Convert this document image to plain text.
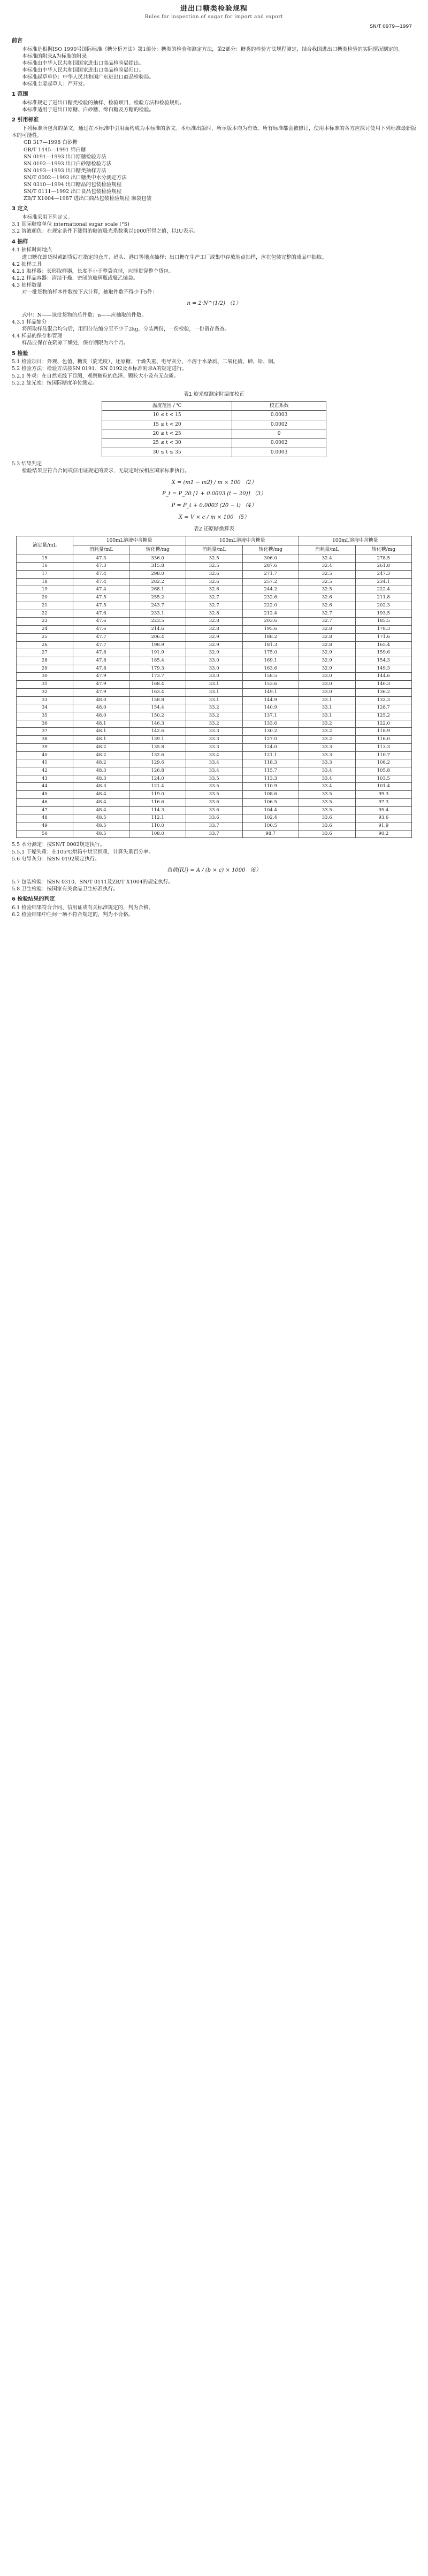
进出口糖类检验规程
Rules for inspection of sugar for import and export
SN/T 0979—1997
前言

本标准是根据ISO 1990号国际标准《糖分析方法》第1部分：糖类的检验和测定方法，第2部分：糖类的检验方法规程测定，结合我国进出口糖类检验的实际情况制定的。

本标准的附录A为标准的附录。

本标准由中华人民共和国国家进出口商品检验局提出。

本标准由中华人民共和国国家进出口商品检验局归口。

本标准起草单位：中华人民共和国广东进出口商品检验局。

本标准主要起草人：严开发。

1 范围

本标准规定了进出口糖类检验的抽样、检验项目、检验方法和检验规则。

本标准适用于进出口原糖、白砂糖、绵白糖及方糖的检验。

2 引用标准

下列标准所包含的条文，通过在本标准中引用而构成为本标准的条文。本标准出版时，所示版本均为有效。所有标准都会被修订，使用本标准的各方应探讨使用下列标准最新版本的可能性。

GB 317—1998 白砂糖

GB/T 1445—1991 绵白糖

SN 0191—1993 出口原糖检验方法

SN 0192—1993 出口白砂糖检验方法

SN 0193—1993 出口糖类抽样方法

SN/T 0002—1993 出口糖类中水分测定方法

SN 0310—1994 出口糖品的包装检验规程

SN/T 0111—1992 出口食品包装检验规程

ZB/T X1004—1987 进出口商品包装检验规程 麻袋包装

3 定义

本标准采用下列定义。

3.1 国际糖度单位 international sugar scale (°S)

3.2 溶液颜色：在规定条件下测得的糖液吸光系数乘以1000所得之值，以IU表示。

4 抽样

4.1 抽样时间地点

进口糖在卸货时或卸货后在指定的仓库、码头、港口等地点抽样；出口糖在生产工厂或集中存放地点抽样，应在包装完整的成品中抽取。

4.2 抽样工具

4.2.1 取样器：长形取样器，长度不小于整袋直径，应能贯穿整个货包。

4.2.2 样品容器：清洁干燥、密闭的玻璃瓶或聚乙烯袋。

4.3 抽样数量

对一批货物的样本件数按下式计算，抽取件数不得少于5件：

n = 2·N^(1/2) （1）

式中：N——该批货物的总件数；n——应抽取的件数。

4.3.1 样品缩分

将所取样品混合均匀后，用四分法缩分至不少于2kg，分装两份，一份检验，一份留存备查。

4.4 样品的保存和管理

样品应保存在阴凉干燥处，保存期限为六个月。

5 检验

5.1 检验项目：外观、色值、糖度（旋光度）、还原糖、干燥失重、电导灰分、不溶于水杂质、二氧化硫、砷、铅、铜。

5.2 检验方法：检验方法按SN 0191、SN 0192及本标准附录A的规定进行。

5.2.1 外观：在自然光线下目测，观察糖粒的色泽、颗粒大小及有无杂质。

5.2.2 旋光度：按国际糖度单位测定。

表1 旋光度测定时温度校正
温度范围 / ℃	校正系数
10 ≤ t < 15	0.0003
15 ≤ t < 20	0.0002
20 ≤ t < 25	0
25 ≤ t < 30	0.0002
30 ≤ t ≤ 35	0.0003

5.3 结果判定

检验结果应符合合同或信用证规定的要求，无规定时按相应国家标准执行。

X = (m1 − m2) / m × 100 （2）
P_t = P_20 [1 + 0.0003 (t − 20)] （3）
P = P_t + 0.0003 (20 − t) （4）
X = V × c / m × 100 （5）
表2 还原糖换算表
滴定量/mL	100mL溶液中含糖量		100mL溶液中含糖量		100mL溶液中含糖量	
	消耗量/mL	转化糖/mg	消耗量/mL	转化糖/mg	消耗量/mL	转化糖/mg
15	47.3	336.0	32.5	306.0	32.4	278.5
16	47.3	315.8	32.5	287.6	32.4	261.8
17	47.4	298.0	32.6	271.7	32.5	247.3
18	47.4	282.2	32.6	257.2	32.5	234.1
19	47.4	268.1	32.6	244.2	32.5	222.4
20	47.5	255.2	32.7	232.6	32.6	211.8
21	47.5	243.7	32.7	222.0	32.6	202.3
22	47.6	233.1	32.8	212.4	32.7	193.5
23	47.6	223.5	32.8	203.6	32.7	185.5
24	47.6	214.6	32.8	195.6	32.8	178.3
25	47.7	206.4	32.9	188.2	32.8	171.6
26	47.7	198.9	32.9	181.3	32.8	165.4
27	47.8	191.9	32.9	175.0	32.9	159.6
28	47.8	185.4	33.0	169.1	32.9	154.3
29	47.8	179.3	33.0	163.6	32.9	149.3
30	47.9	173.7	33.0	158.5	33.0	144.6
31	47.9	168.4	33.1	153.6	33.0	140.3
32	47.9	163.4	33.1	149.1	33.0	136.2
33	48.0	158.8	33.1	144.9	33.1	132.3
34	48.0	154.4	33.2	140.9	33.1	128.7
35	48.0	150.2	33.2	137.1	33.1	125.2
36	48.1	146.3	33.2	133.6	33.2	122.0
37	48.1	142.6	33.3	130.2	33.2	118.9
38	48.1	139.1	33.3	127.0	33.2	116.0
39	48.2	135.8	33.3	124.0	33.3	113.3
40	48.2	132.6	33.4	121.1	33.3	110.7
41	48.2	129.6	33.4	118.3	33.3	108.2
42	48.3	126.8	33.4	115.7	33.4	105.8
43	48.3	124.0	33.5	113.3	33.4	103.5
44	48.3	121.4	33.5	110.9	33.4	101.4
45	48.4	119.0	33.5	108.6	33.5	99.3
46	48.4	116.6	33.6	106.5	33.5	97.3
47	48.4	114.3	33.6	104.4	33.5	95.4
48	48.5	112.1	33.6	102.4	33.6	93.6
49	48.5	110.0	33.7	100.5	33.6	91.9
50	48.5	108.0	33.7	98.7	33.6	90.2

5.5 水分测定：按SN/T 0002规定执行。

5.5.1 干燥失重：在105℃烘箱中烘至恒重，计算失重百分率。

5.6 电导灰分：按SN 0192规定执行。

色值(IU) = A / (b × c) × 1000 （6）

5.7 包装检验：按SN 0310、SN/T 0111及ZB/T X1004的规定执行。

5.8 卫生检验：按国家有关食品卫生标准执行。

6 检验结果的判定

6.1 检验结果符合合同、信用证或有关标准规定的，判为合格。

6.2 检验结果中任何一项不符合规定的，判为不合格。
